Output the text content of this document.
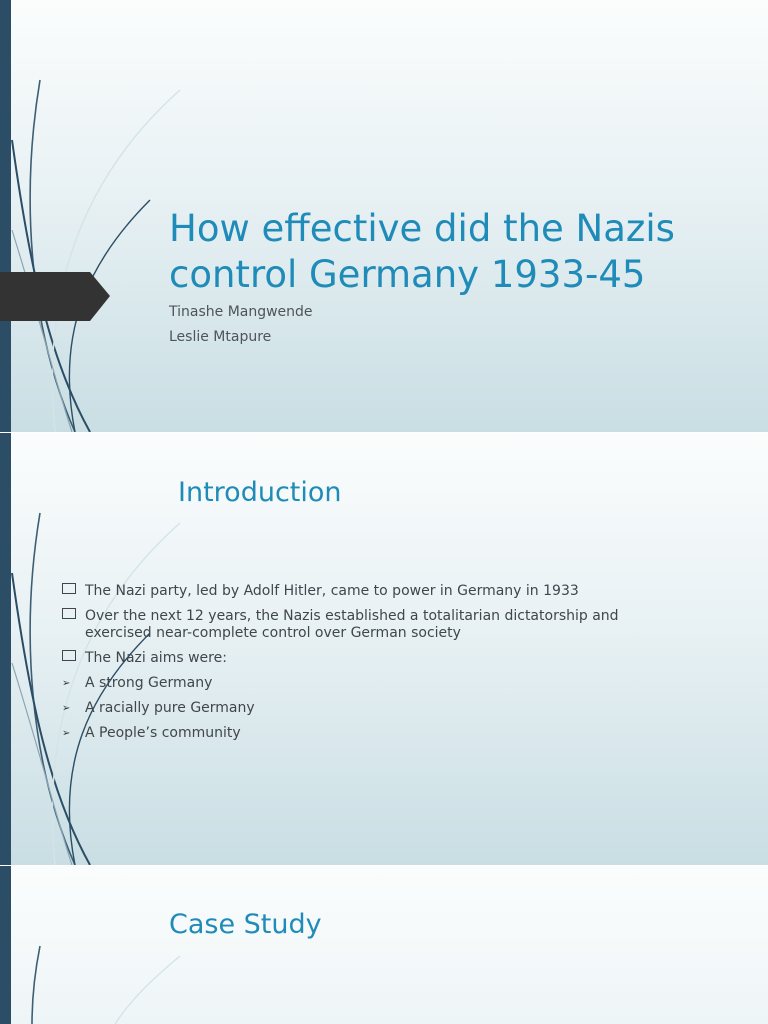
How effective did the Nazis control Germany 1933-45

Tinashe Mangwende

Leslie Mtapure

Introduction
The Nazi party, led by Adolf Hitler, came to power in Germany in 1933
Over the next 12 years, the Nazis established a totalitarian dictatorship and exercised near-complete control over German society
The Nazi aims were:
➢ A strong Germany
➢ A racially pure Germany
➢ A People’s community
Case Study
